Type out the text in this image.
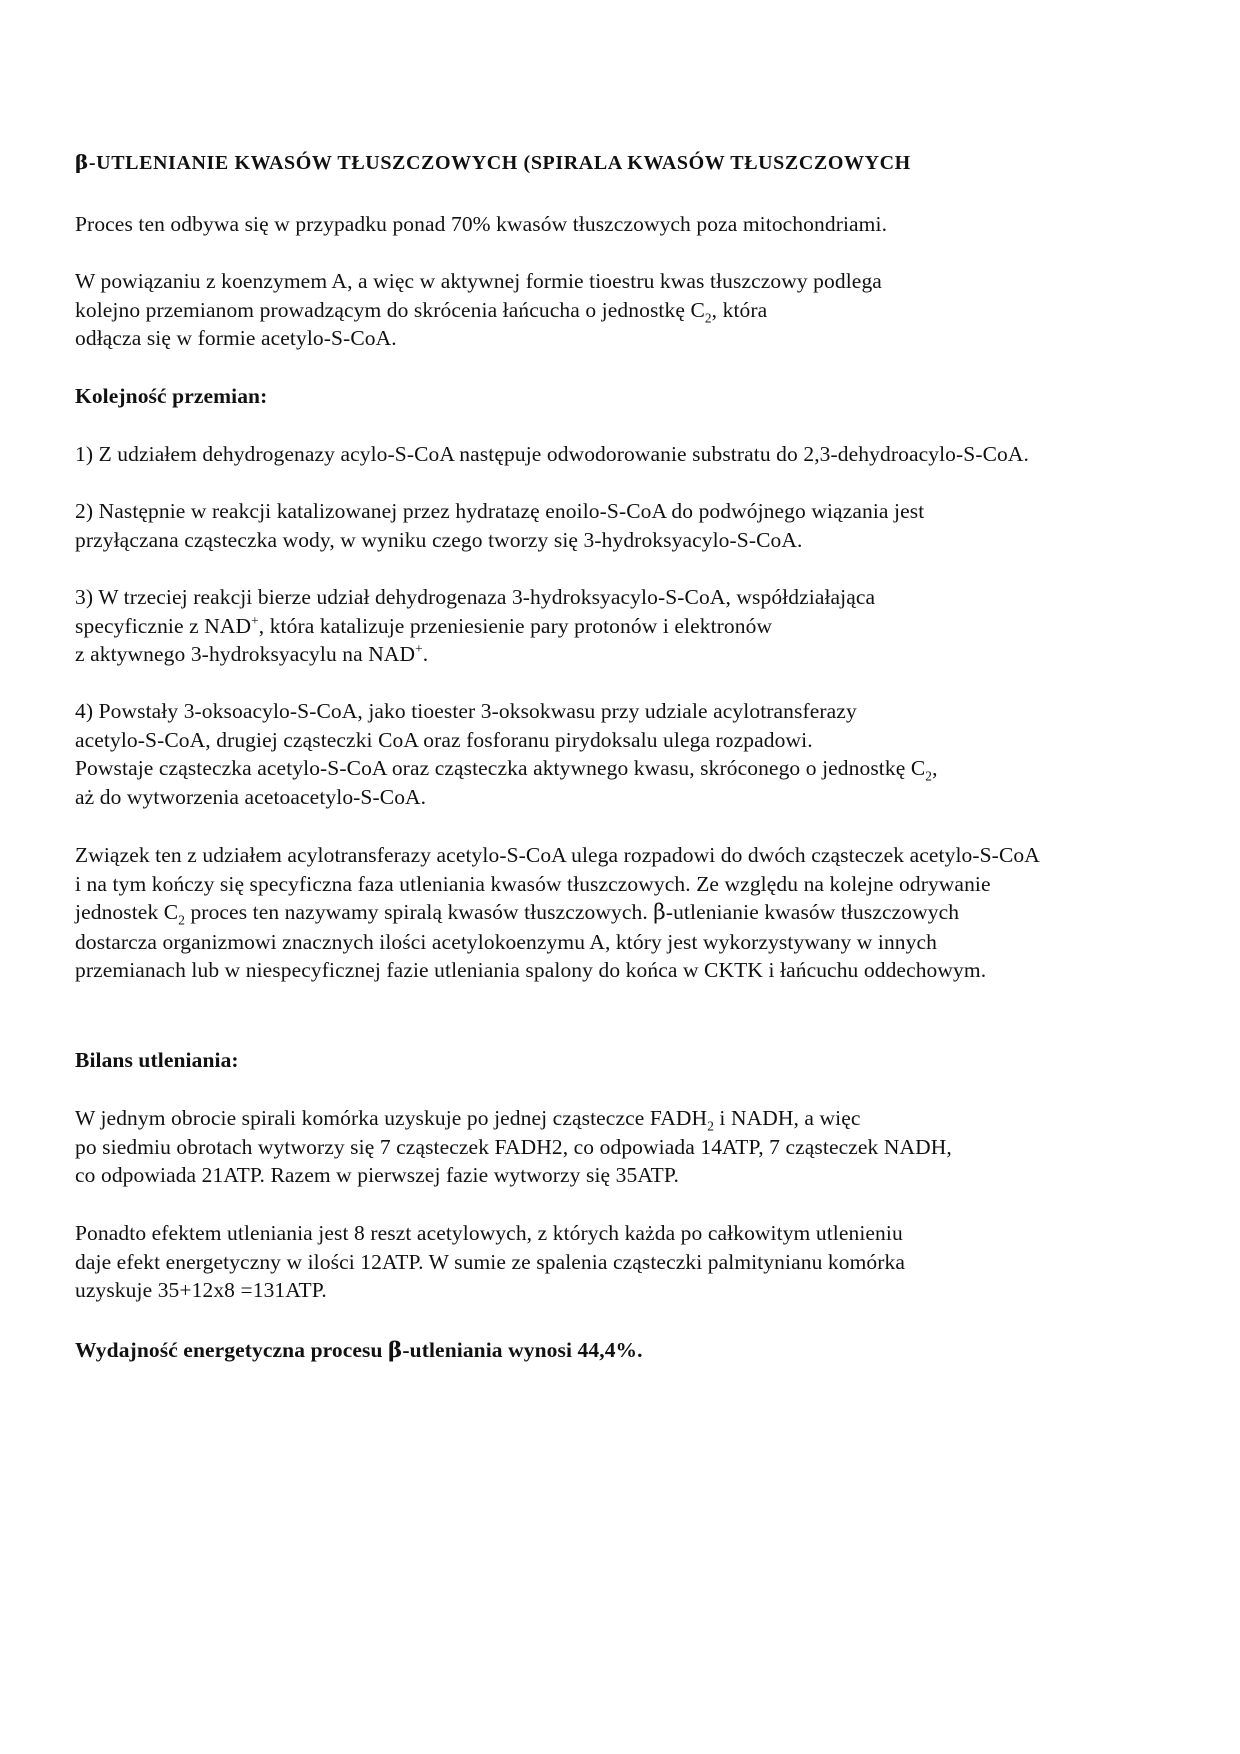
β-UTLENIANIE KWASÓW TŁUSZCZOWYCH (SPIRALA KWASÓW TŁUSZCZOWYCH

Proces ten odbywa się w przypadku ponad 70% kwasów tłuszczowych poza mitochondriami.

W powiązaniu z koenzymem A, a więc w aktywnej formie tioestru kwas tłuszczowy podlega
kolejno przemianom prowadzącym do skrócenia łańcucha o jednostkę $C_2$, która
odłącza się w formie acetylo-S-CoA.

Kolejność przemian:

1) Z udziałem dehydrogenazy acylo-S-CoA następuje odwodorowanie substratu do 2,3-dehydroacylo-S-CoA.

2) Następnie w reakcji katalizowanej przez hydratazę enoilo-S-CoA do podwójnego wiązania jest
przyłączana cząsteczka wody, w wyniku czego tworzy się 3-hydroksyacylo-S-CoA.

3) W trzeciej reakcji bierze udział dehydrogenaza 3-hydroksyacylo-S-CoA, współdziałająca
specyficznie z NAD+, która katalizuje przeniesienie pary protonów i elektronów
z aktywnego 3-hydroksyacylu na NAD+.

4) Powstały 3-oksoacylo-S-CoA, jako tioester 3-oksokwasu przy udziale acylotransferazy
acetylo-S-CoA, drugiej cząsteczki CoA oraz fosforanu pirydoksalu ulega rozpadowi.
Powstaje cząsteczka acetylo-S-CoA oraz cząsteczka aktywnego kwasu, skróconego o jednostkę $C_2$,
aż do wytworzenia acetoacetylo-S-CoA.

Związek ten z udziałem acylotransferazy acetylo-S-CoA ulega rozpadowi do dwóch cząsteczek acetylo-S-CoA
i na tym kończy się specyficzna faza utleniania kwasów tłuszczowych. Ze względu na kolejne odrywanie
jednostek $C_2$ proces ten nazywamy spiralą kwasów tłuszczowych. β-utlenianie kwasów tłuszczowych
dostarcza organizmowi znacznych ilości acetylokoenzymu A, który jest wykorzystywany w innych
przemianach lub w niespecyficznej fazie utleniania spalony do końca w CKTK i łańcuchu oddechowym.

Bilans utleniania:

W jednym obrocie spirali komórka uzyskuje po jednej cząsteczce $FADH_2$ i NADH, a więc
po siedmiu obrotach wytworzy się 7 cząsteczek FADH2, co odpowiada 14ATP, 7 cząsteczek NADH,
co odpowiada 21ATP. Razem w pierwszej fazie wytworzy się 35ATP.

Ponadto efektem utleniania jest 8 reszt acetylowych, z których każda po całkowitym utlenieniu
daje efekt energetyczny w ilości 12ATP. W sumie ze spalenia cząsteczki palmitynianu komórka
uzyskuje 35+12x8 =131ATP.

Wydajność energetyczna procesu β-utleniania wynosi 44,4%.
